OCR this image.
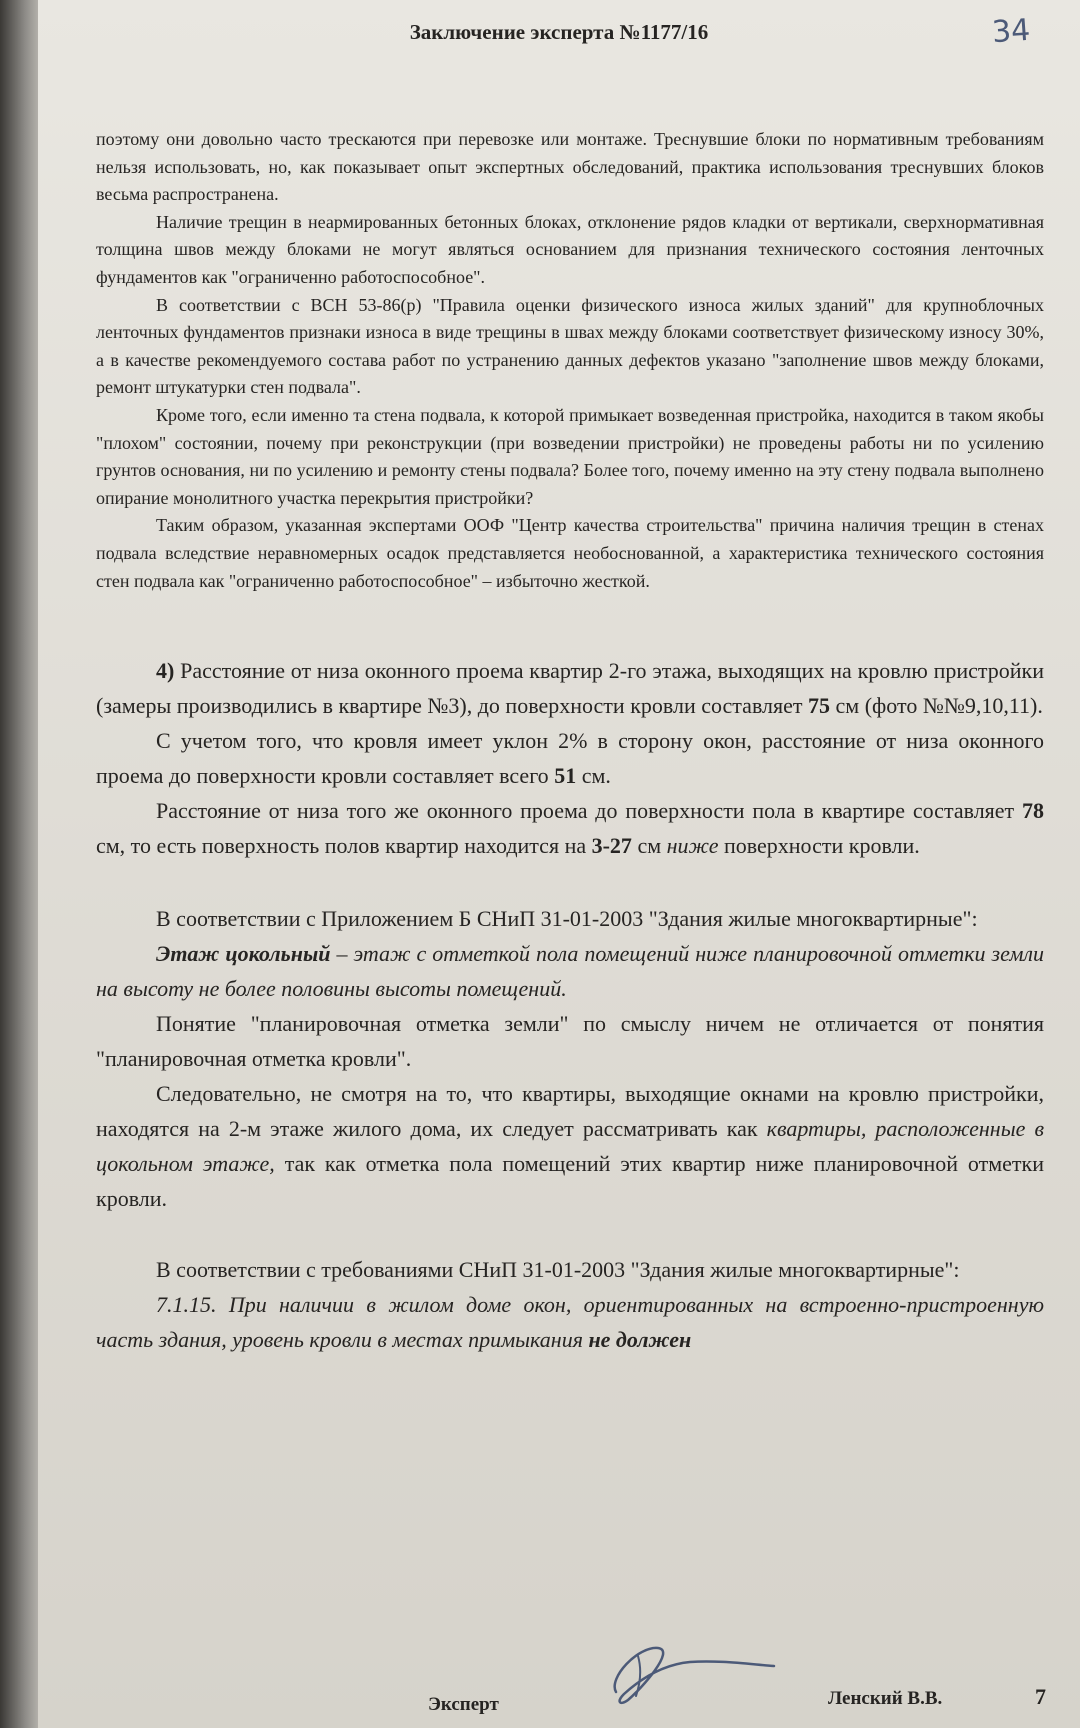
Заключение эксперта №1177/16	34

поэтому они довольно часто трескаются при перевозке или монтаже. Треснувшие блоки по нормативным требованиям нельзя использовать, но, как показывает опыт экспертных обследований, практика использования треснувших блоков весьма распространена.

Наличие трещин в неармированных бетонных блоках, отклонение рядов кладки от вертикали, сверхнормативная толщина швов между блоками не могут являться основанием для признания технического состояния ленточных фундаментов как "ограниченно работоспособное".

В соответствии с ВСН 53-86(р) "Правила оценки физического износа жилых зданий" для крупноблочных ленточных фундаментов признаки износа в виде трещины в швах между блоками соответствует физическому износу 30%, а в качестве рекомендуемого состава работ по устранению данных дефектов указано "заполнение швов между блоками, ремонт штукатурки стен подвала".

Кроме того, если именно та стена подвала, к которой примыкает возведенная пристройка, находится в таком якобы "плохом" состоянии, почему при реконструкции (при возведении пристройки) не проведены работы ни по усилению грунтов основания, ни по усилению и ремонту стены подвала? Более того, почему именно на эту стену подвала выполнено опирание монолитного участка перекрытия пристройки?

Таким образом, указанная экспертами ООФ "Центр качества строительства" причина наличия трещин в стенах подвала вследствие неравномерных осадок представляется необоснованной, а характеристика технического состояния стен подвала как "ограниченно работоспособное" – избыточно жесткой.

4) Расстояние от низа оконного проема квартир 2-го этажа, выходящих на кровлю пристройки (замеры производились в квартире №3), до поверхности кровли составляет 75 см (фото №№9,10,11).

С учетом того, что кровля имеет уклон 2% в сторону окон, расстояние от низа оконного проема до поверхности кровли составляет всего 51 см.

Расстояние от низа того же оконного проема до поверхности пола в квартире составляет 78 см, то есть поверхность полов квартир находится на 3-27 см ниже поверхности кровли.

В соответствии с Приложением Б СНиП 31-01-2003 "Здания жилые многоквартирные":

Этаж цокольный – этаж с отметкой пола помещений ниже планировочной отметки земли на высоту не более половины высоты помещений.

Понятие "планировочная отметка земли" по смыслу ничем не отличается от понятия "планировочная отметка кровли".

Следовательно, не смотря на то, что квартиры, выходящие окнами на кровлю пристройки, находятся на 2-м этаже жилого дома, их следует рассматривать как квартиры, расположенные в цокольном этаже, так как отметка пола помещений этих квартир ниже планировочной отметки кровли.

В соответствии с требованиями СНиП 31-01-2003 "Здания жилые многоквартирные":

7.1.15. При наличии в жилом доме окон, ориентированных на встроенно-пристроенную часть здания, уровень кровли в местах примыкания не должен

Эксперт	Ленский В.В.	7
